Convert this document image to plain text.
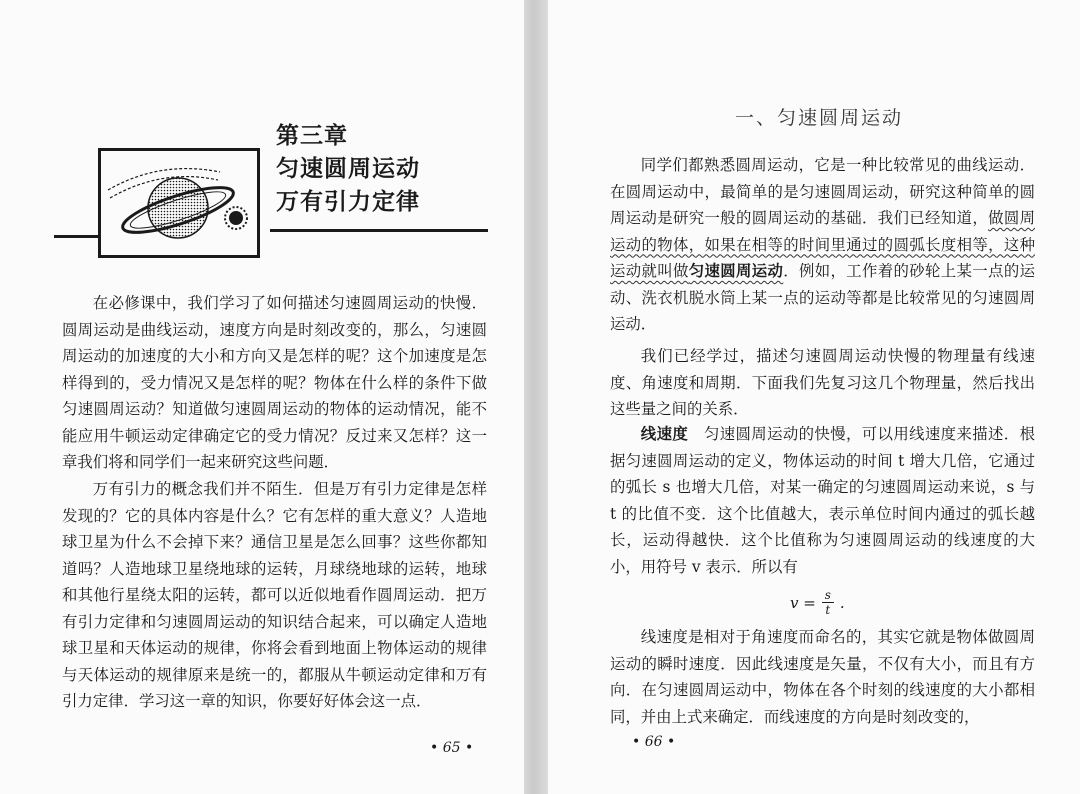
第三章
匀速圆周运动
万有引力定律

在必修课中，我们学习了如何描述匀速圆周运动的快慢．圆周运动是曲线运动，速度方向是时刻改变的，那么，匀速圆周运动的加速度的大小和方向又是怎样的呢？这个加速度是怎样得到的，受力情况又是怎样的呢？物体在什么样的条件下做匀速圆周运动？知道做匀速圆周运动的物体的运动情况，能不能应用牛顿运动定律确定它的受力情况？反过来又怎样？这一章我们将和同学们一起来研究这些问题．

万有引力的概念我们并不陌生．但是万有引力定律是怎样发现的？它的具体内容是什么？它有怎样的重大意义？人造地球卫星为什么不会掉下来？通信卫星是怎么回事？这些你都知道吗？人造地球卫星绕地球的运转，月球绕地球的运转，地球和其他行星绕太阳的运转，都可以近似地看作圆周运动．把万有引力定律和匀速圆周运动的知识结合起来，可以确定人造地球卫星和天体运动的规律，你将会看到地面上物体运动的规律与天体运动的规律原来是统一的，都服从牛顿运动定律和万有引力定律．学习这一章的知识，你要好好体会这一点．

• 65 •
一、匀速圆周运动

同学们都熟悉圆周运动，它是一种比较常见的曲线运动．在圆周运动中，最简单的是匀速圆周运动，研究这种简单的圆周运动是研究一般的圆周运动的基础．我们已经知道，做圆周运动的物体，如果在相等的时间里通过的圆弧长度相等，这种运动就叫做匀速圆周运动．例如，工作着的砂轮上某一点的运动、洗衣机脱水筒上某一点的运动等都是比较常见的匀速圆周运动．

我们已经学过，描述匀速圆周运动快慢的物理量有线速度、角速度和周期．下面我们先复习这几个物理量，然后找出这些量之间的关系．

线速度　匀速圆周运动的快慢，可以用线速度来描述．根据匀速圆周运动的定义，物体运动的时间 t 增大几倍，它通过的弧长 s 也增大几倍，对某一确定的匀速圆周运动来说，s 与 t 的比值不变．这个比值越大，表示单位时间内通过的弧长越长，运动得越快．这个比值称为匀速圆周运动的线速度的大小，用符号 v 表示．所以有

$v = \frac{s}{t}$ .

线速度是相对于角速度而命名的，其实它就是物体做圆周运动的瞬时速度．因此线速度是矢量，不仅有大小，而且有方向．在匀速圆周运动中，物体在各个时刻的线速度的大小都相同，并由上式来确定．而线速度的方向是时刻改变的，

• 66 •
